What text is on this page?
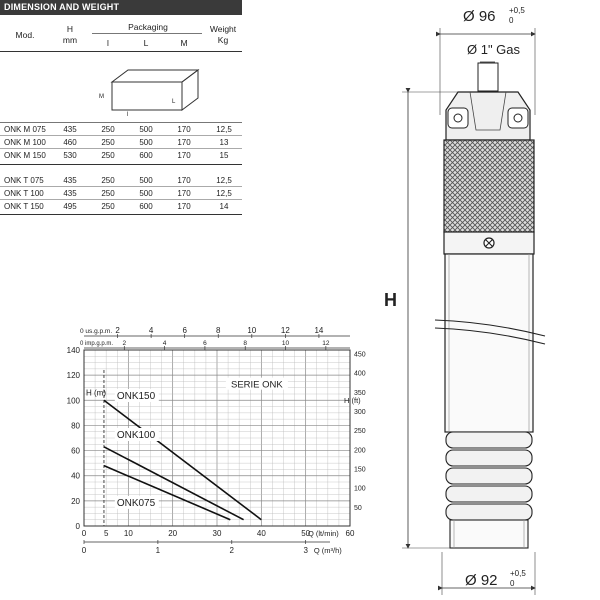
DIMENSION AND WEIGHT
Mod.
H
mm
Packaging
l	L	M
Weight
Kg
M
l
L
ONK M 075	435	250	500	170	12,5
ONK M 100	460	250	500	170	13
ONK M 150	530	250	600	170	15
ONK T 075	435	250	500	170	12,5
ONK T 100	435	250	500	170	12,5
ONK T 150	495	250	600	170	14
0
20
40
60
80
100
120
140
H (m)
50
100
150
200
250
300
350
400
450
H (ft)
0 5 10	20	30	40	50	60
Q (lt/min)
0	1	2	3 Q (m³/h)
2	4	6	8	10	12	14
0 us.g.p.m.
2	4	6	8	10	12
0 imp.g.p.m.
SERIE ONK
ONK150
ONK100
ONK075
Ø 96 +0,5
0
Ø 1" Gas
H
Ø 92 +0,5
0
